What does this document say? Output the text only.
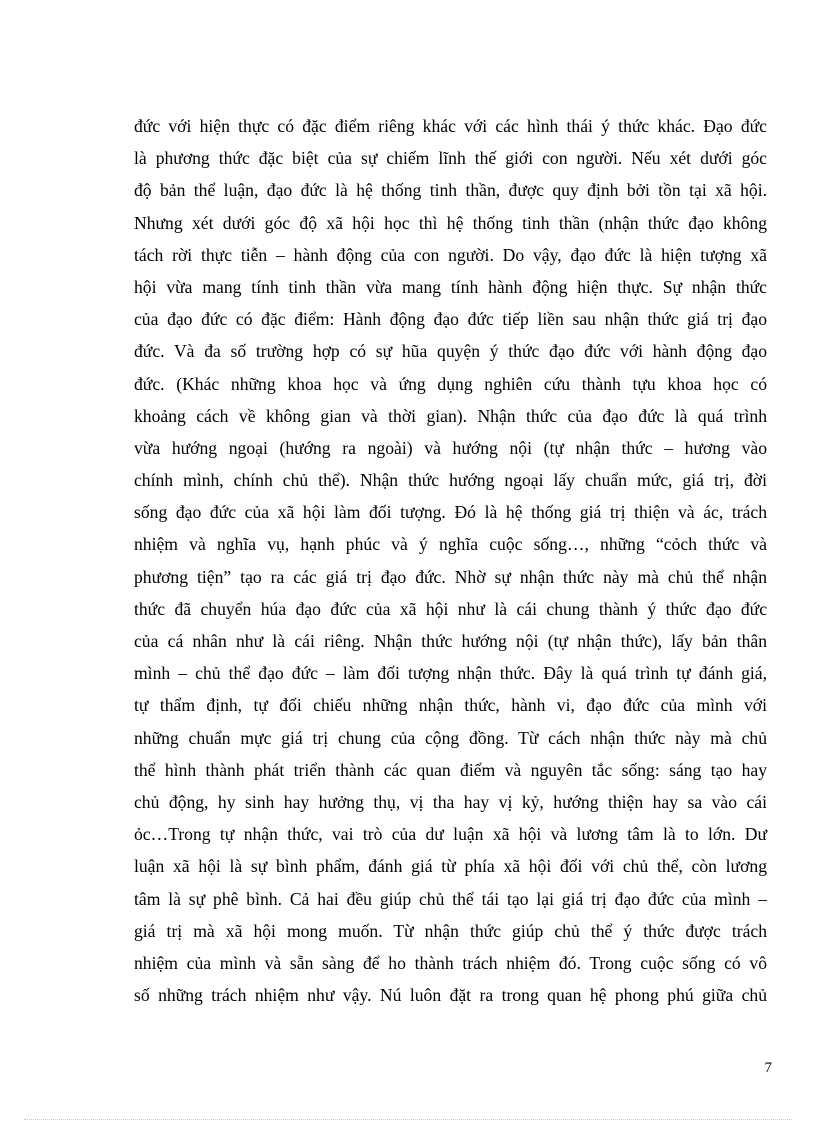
đức với hiện thực có đặc điểm riêng khác với các hình thái ý thức khác. Đạo đức
là phương thức đặc biệt của sự chiếm lĩnh thế giới con người. Nếu xét dưới góc
độ bản thể luận, đạo đức là hệ thống tinh thần, được quy định bởi tồn tại xã hội.
Nhưng xét dưới góc độ xã hội học thì hệ thống tinh thần (nhận thức đạo không
tách rời thực tiễn – hành động của con người. Do vậy, đạo đức là hiện tượng xã
hội vừa mang tính tinh thần vừa mang tính hành động hiện thực. Sự nhận thức
của đạo đức có đặc điểm: Hành động đạo đức tiếp liền sau nhận thức giá trị đạo
đức. Và đa số trường hợp có sự hũa quyện ý thức đạo đức với hành động đạo
đức. (Khác những khoa học và ứng dụng nghiên cứu thành tựu khoa học có
khoảng cách về không gian và thời gian). Nhận thức của đạo đức là quá trình
vừa hướng ngoại (hướng ra ngoài) và hướng nội (tự nhận thức – hương vào
chính mình, chính chủ thể). Nhận thức hướng ngoại lấy chuẩn mức, giá trị, đời
sống đạo đức của xã hội làm đối tượng. Đó là hệ thống giá trị thiện và ác, trách
nhiệm và nghĩa vụ, hạnh phúc và ý nghĩa cuộc sống…, những “cỏch thức và
phương tiện” tạo ra các giá trị đạo đức. Nhờ sự nhận thức này mà chủ thể nhận
thức đã chuyển húa đạo đức của xã hội như là cái chung thành ý thức đạo đức
của cá nhân như là cái riêng. Nhận thức hướng nội (tự nhận thức), lấy bản thân
mình – chủ thể đạo đức – làm đối tượng nhận thức. Đây là quá trình tự đánh giá,
tự thẩm định, tự đối chiếu những nhận thức, hành vi, đạo đức của mình với
những chuẩn mực giá trị chung của cộng đồng. Từ cách nhận thức này mà chủ
thể hình thành phát triển thành các quan điểm và nguyên tắc sống: sáng tạo hay
chủ động, hy sinh hay hưởng thụ, vị tha hay vị kỷ, hướng thiện hay sa vào cái
ỏc…Trong tự nhận thức, vai trò của dư luận xã hội và lương tâm là to lớn. Dư
luận xã hội là sự bình phẩm, đánh giá từ phía xã hội đối với chủ thể, còn lương
tâm là sự phê bình. Cả hai đều giúp chủ thể tái tạo lại giá trị đạo đức của mình –
giá trị mà xã hội mong muốn. Từ nhận thức giúp chủ thể ý thức được trách
nhiệm của mình và sẵn sàng để ho thành trách nhiệm đó. Trong cuộc sống có vô
số những trách nhiệm như vậy. Nú luôn đặt ra trong quan hệ phong phú giữa chủ
7
